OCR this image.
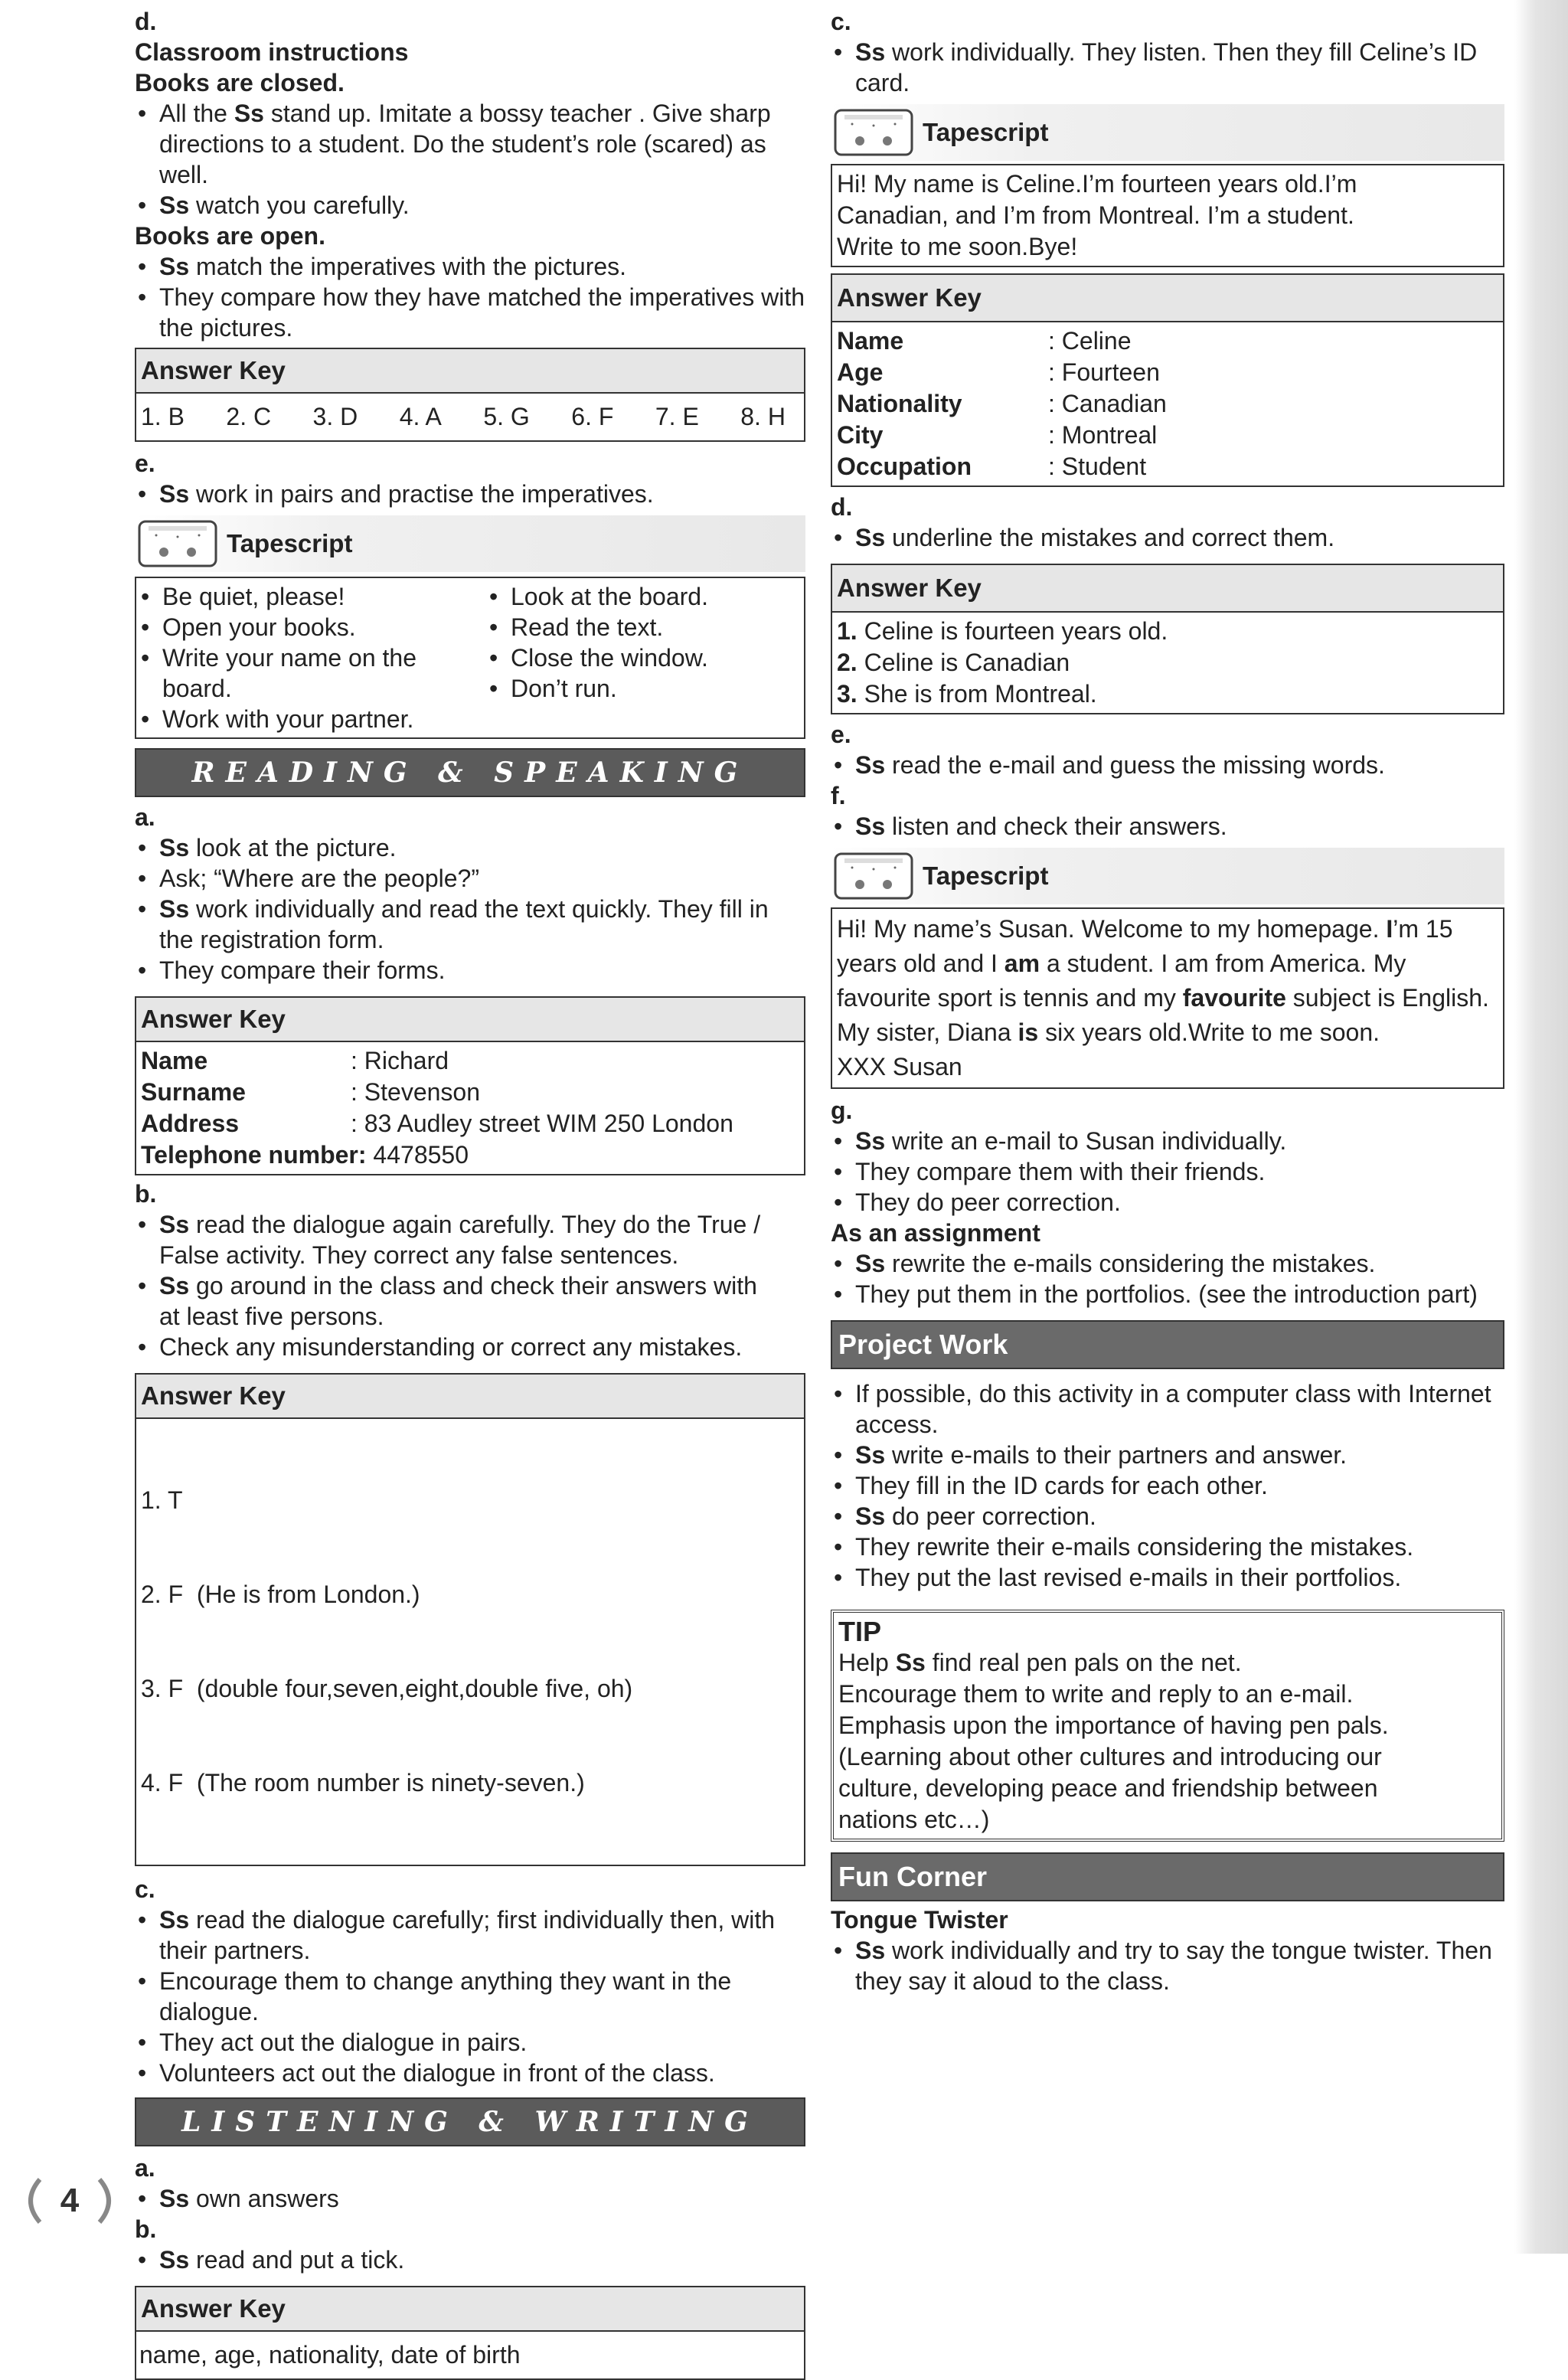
d.
Classroom instructions
Books are closed.
• All the Ss stand up. Imitate a bossy teacher . Give sharp directions to a student. Do the student’s role (scared) as well.
• Ss watch you carefully.
Books are open.
• Ss match the imperatives with the pictures.
• They compare how they have matched the imperatives with the pictures.
Answer Key
1. B 2. C 3. D 4. A 5. G 6. F 7. E 8. H
e.
• Ss work in pairs and practise the imperatives.
Tapescript
• Be quiet, please!
• Open your books.
• Write your name on the board.
• Work with your partner.
• Look at the board.
• Read the text.
• Close the window.
• Don’t run.
READING & SPEAKING
a.
• Ss look at the picture.
• Ask; “Where are the people?”
• Ss work individually and read the text quickly. They fill in the registration form.
• They compare their forms.
Answer Key
Name	: Richard
Surname	: Stevenson
Address	: 83 Audley street WIM 250 London
Telephone number: 4478550
b.
• Ss read the dialogue again carefully. They do the True / False activity. They correct any false sentences.
• Ss go around in the class and check their answers with at least five persons.
• Check any misunderstanding or correct any mistakes.
Answer Key

1. T

2. F  (He is from London.)

3. F  (double four,seven,eight,double five, oh)

4. F  (The room number is ninety-seven.)

c.
• Ss read the dialogue carefully; first individually then, with their partners.
• Encourage them to change anything they want in the dialogue.
• They act out the dialogue in pairs.
• Volunteers act out the dialogue in front of the class.
LISTENING & WRITING
a.
• Ss own answers
b.
• Ss read and put a tick.
Answer Key
name, age, nationality, date of birth
4
c.
• Ss work individually. They listen. Then they fill Celine’s ID card.
Tapescript
Hi! My name is Celine.I’m fourteen years old.I’m
Canadian, and I’m from Montreal. I’m a student.
Write to me soon.Bye!
Answer Key
Name	: Celine
Age	: Fourteen
Nationality	: Canadian
City	: Montreal
Occupation	: Student
d.
• Ss underline the mistakes and correct them.
Answer Key
1. Celine is fourteen years old.
2. Celine is Canadian
3. She is from Montreal.
e.
• Ss read the e-mail and guess the missing words.
f.
• Ss listen and check their answers.
Tapescript
Hi! My name’s Susan. Welcome to my homepage. I’m 15 years old and I am a student. I am from America. My favourite sport is tennis and my favourite subject is English. My sister, Diana is six years old.Write to me soon.
XXX Susan
g.
• Ss write an e-mail to Susan individually.
• They compare them with their friends.
• They do peer correction.
As an assignment
• Ss rewrite the e-mails considering the mistakes.
• They put them in the portfolios. (see the introduction part)
Project Work
• If possible, do this activity in a computer class with Internet access.
• Ss write e-mails to their partners and answer.
• They fill in the ID cards for each other.
• Ss do peer correction.
• They rewrite their e-mails considering the mistakes.
• They put the last revised e-mails in their portfolios.
TIP
Help Ss find real pen pals on the net.
Encourage them to write and reply to an e-mail.
Emphasis upon the importance of having pen pals.
(Learning about other cultures and introducing our
culture, developing peace and friendship between
nations etc…)
Fun Corner
Tongue Twister
• Ss work individually and try to say the tongue twister. Then they say it aloud to the class.
